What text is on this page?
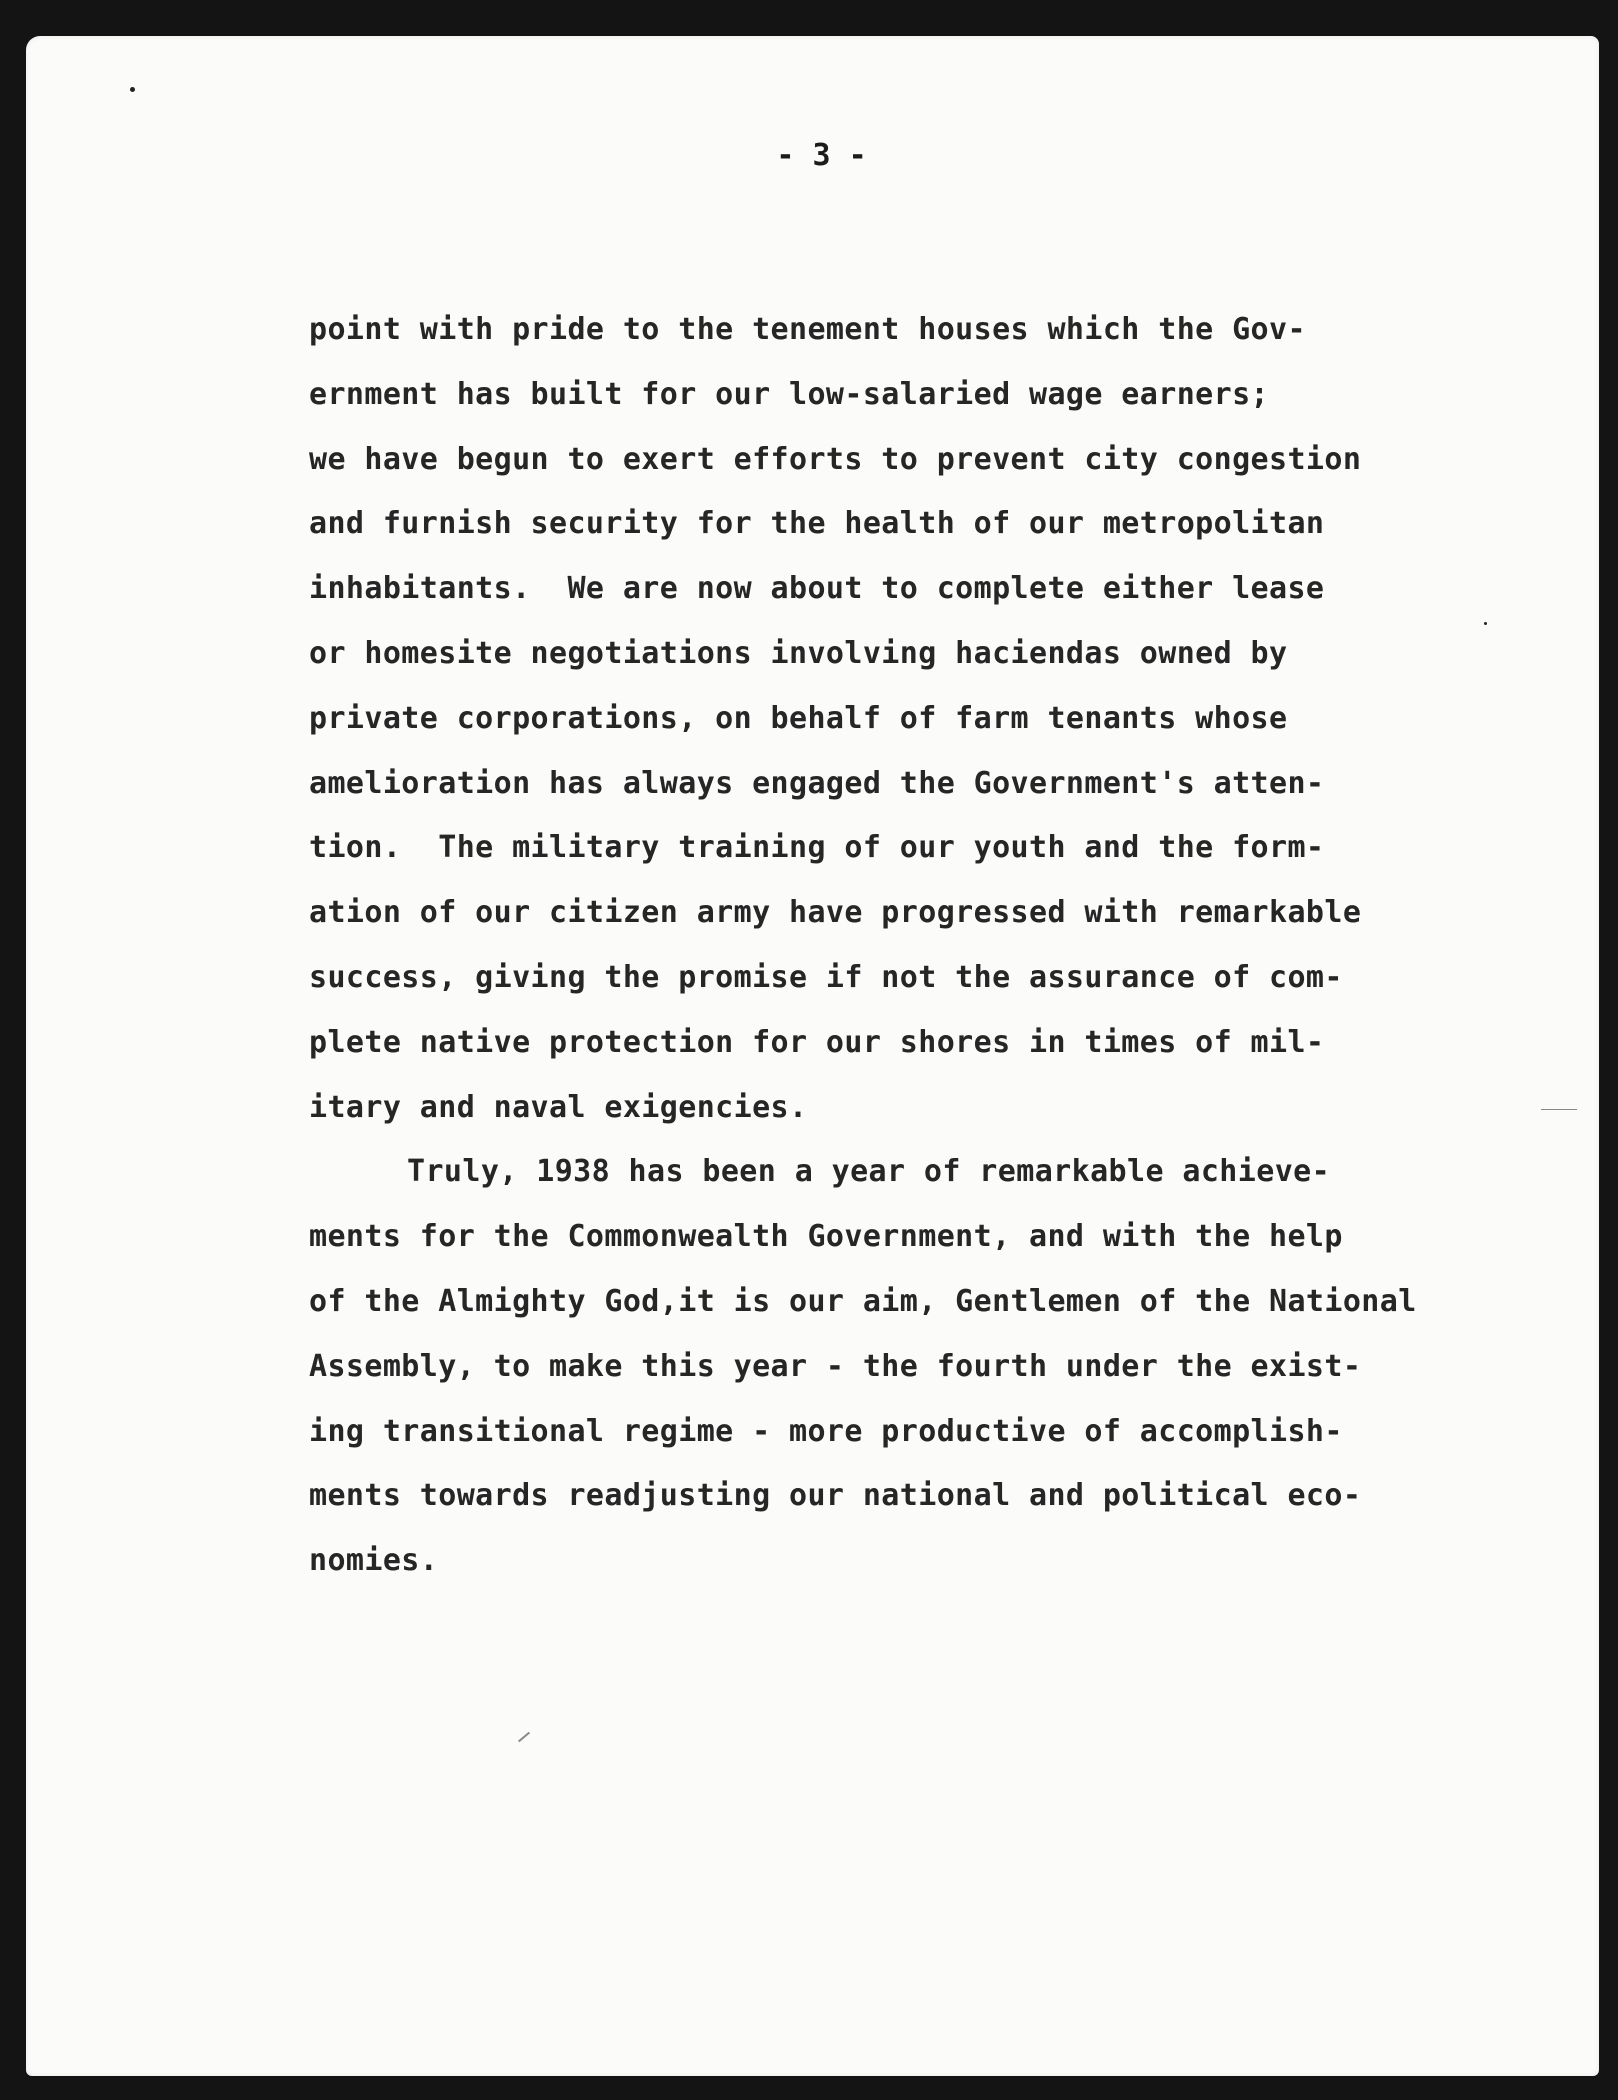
- 3 -
point with pride to the tenement houses which the Gov-
ernment has built for our low-salaried wage earners;
we have begun to exert efforts to prevent city congestion
and furnish security for the health of our metropolitan
inhabitants.  We are now about to complete either lease
or homesite negotiations involving haciendas owned by
private corporations, on behalf of farm tenants whose
amelioration has always engaged the Government's atten-
tion.  The military training of our youth and the form-
ation of our citizen army have progressed with remarkable
success, giving the promise if not the assurance of com-
plete native protection for our shores in times of mil-
itary and naval exigencies.
Truly, 1938 has been a year of remarkable achieve-
ments for the Commonwealth Government, and with the help
of the Almighty God,it is our aim, Gentlemen of the National
Assembly, to make this year - the fourth under the exist-
ing transitional regime - more productive of accomplish-
ments towards readjusting our national and political eco-
nomies.
